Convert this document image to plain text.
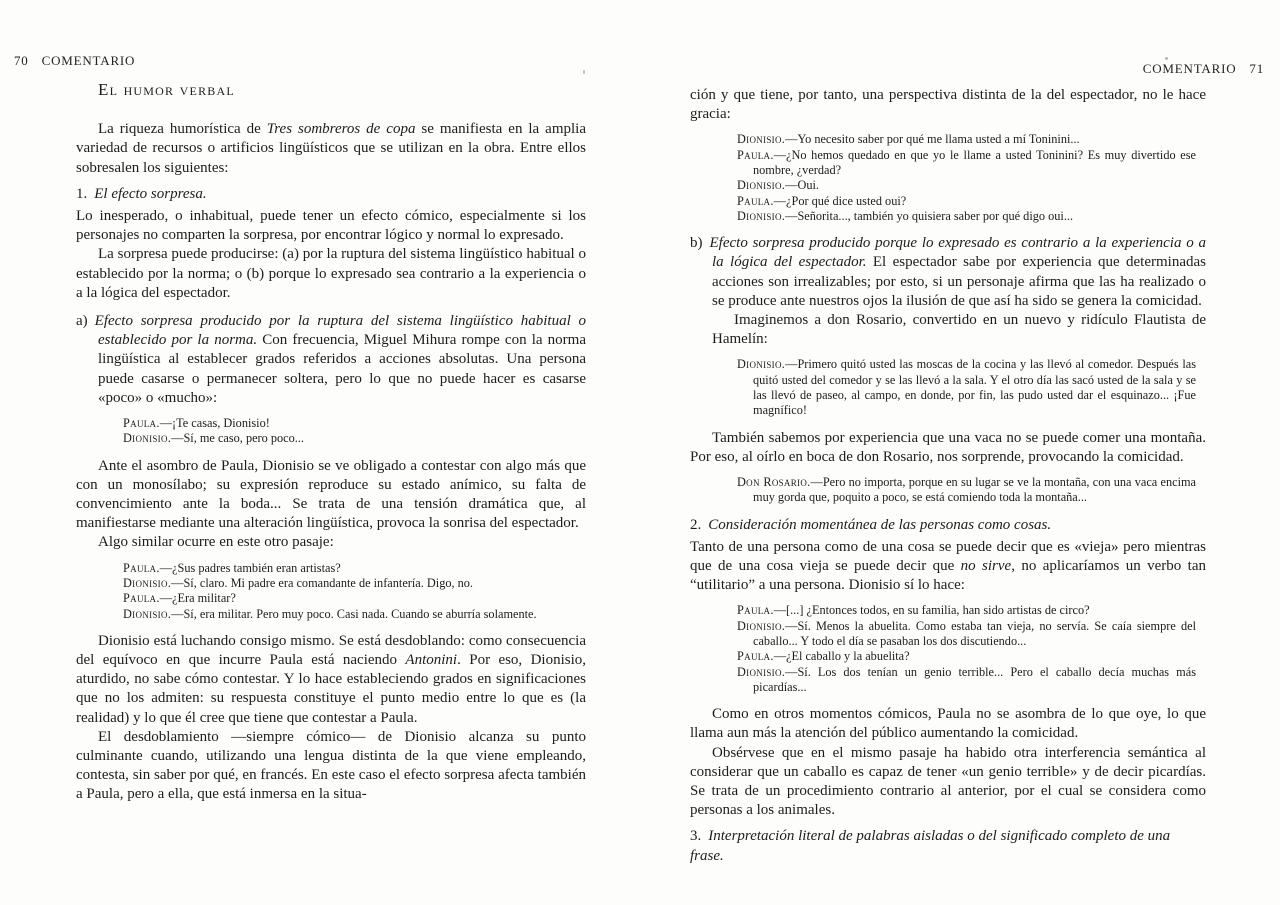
70 COMENTARIO
El humor verbal

La riqueza humorística de Tres sombreros de copa se manifiesta en la amplia variedad de recursos o artificios lingüísticos que se utilizan en la obra. Entre ellos sobresalen los siguientes:

1. El efecto sorpresa.

Lo inesperado, o inhabitual, puede tener un efecto cómico, especialmente si los personajes no comparten la sorpresa, por encontrar lógico y normal lo expresado.

La sorpresa puede producirse: (a) por la ruptura del sistema lingüístico habitual o establecido por la norma; o (b) porque lo expresado sea contrario a la experiencia o a la lógica del espectador.

a) Efecto sorpresa producido por la ruptura del sistema lingüístico habitual o establecido por la norma. Con frecuencia, Miguel Mihura rompe con la norma lingüística al establecer grados referidos a acciones absolutas. Una persona puede casarse o permanecer soltera, pero lo que no puede hacer es casarse «poco» o «mucho»:

Paula.—¡Te casas, Dionisio!

Dionisio.—Sí, me caso, pero poco...

Ante el asombro de Paula, Dionisio se ve obligado a contestar con algo más que con un monosílabo; su expresión reproduce su estado anímico, su falta de convencimiento ante la boda... Se trata de una tensión dramática que, al manifiestarse mediante una alteración lingüística, provoca la sonrisa del espectador.

Algo similar ocurre en este otro pasaje:

Paula.—¿Sus padres también eran artistas?

Dionisio.—Sí, claro. Mi padre era comandante de infantería. Digo, no.

Paula.—¿Era militar?

Dionisio.—Sí, era militar. Pero muy poco. Casi nada. Cuando se aburría solamente.

Dionisio está luchando consigo mismo. Se está desdoblando: como consecuencia del equívoco en que incurre Paula está naciendo Antonini. Por eso, Dionisio, aturdido, no sabe cómo contestar. Y lo hace estableciendo grados en significaciones que no los admiten: su respuesta constituye el punto medio entre lo que es (la realidad) y lo que él cree que tiene que contestar a Paula.

El desdoblamiento —siempre cómico— de Dionisio alcanza su punto culminante cuando, utilizando una lengua distinta de la que viene empleando, contesta, sin saber por qué, en francés. En este caso el efecto sorpresa afecta también a Paula, pero a ella, que está inmersa en la situa-

COMENTARIO 71

ción y que tiene, por tanto, una perspectiva distinta de la del espectador, no le hace gracia:

Dionisio.—Yo necesito saber por qué me llama usted a mí Toninini...

Paula.—¿No hemos quedado en que yo le llame a usted Toninini? Es muy divertido ese nombre, ¿verdad?

Dionisio.—Oui.

Paula.—¿Por qué dice usted oui?

Dionisio.—Señorita..., también yo quisiera saber por qué digo oui...

b) Efecto sorpresa producido porque lo expresado es contrario a la experiencia o a la lógica del espectador. El espectador sabe por experiencia que determinadas acciones son irrealizables; por esto, si un personaje afirma que las ha realizado o se produce ante nuestros ojos la ilusión de que así ha sido se genera la comicidad.

Imaginemos a don Rosario, convertido en un nuevo y ridículo Flautista de Hamelín:

Dionisio.—Primero quitó usted las moscas de la cocina y las llevó al comedor. Después las quitó usted del comedor y se las llevó a la sala. Y el otro día las sacó usted de la sala y se las llevó de paseo, al campo, en donde, por fin, las pudo usted dar el esquinazo... ¡Fue magnífico!

También sabemos por experiencia que una vaca no se puede comer una montaña. Por eso, al oírlo en boca de don Rosario, nos sorprende, provocando la comicidad.

Don Rosario.—Pero no importa, porque en su lugar se ve la montaña, con una vaca encima muy gorda que, poquito a poco, se está comiendo toda la montaña...

2. Consideración momentánea de las personas como cosas.

Tanto de una persona como de una cosa se puede decir que es «vieja» pero mientras que de una cosa vieja se puede decir que no sirve, no aplicaríamos un verbo tan “utilitario” a una persona. Dionisio sí lo hace:

Paula.—[...] ¿Entonces todos, en su familia, han sido artistas de circo?

Dionisio.—Sí. Menos la abuelita. Como estaba tan vieja, no servía. Se caía siempre del caballo... Y todo el día se pasaban los dos discutiendo...

Paula.—¿El caballo y la abuelita?

Dionisio.—Sí. Los dos tenían un genio terrible... Pero el caballo decía muchas más picardías...

Como en otros momentos cómicos, Paula no se asombra de lo que oye, lo que llama aun más la atención del público aumentando la comicidad.

Obsérvese que en el mismo pasaje ha habido otra interferencia semántica al considerar que un caballo es capaz de tener «un genio terrible» y de decir picardías. Se trata de un procedimiento contrario al anterior, por el cual se considera como personas a los animales.

3. Interpretación literal de palabras aisladas o del significado completo de una frase.
